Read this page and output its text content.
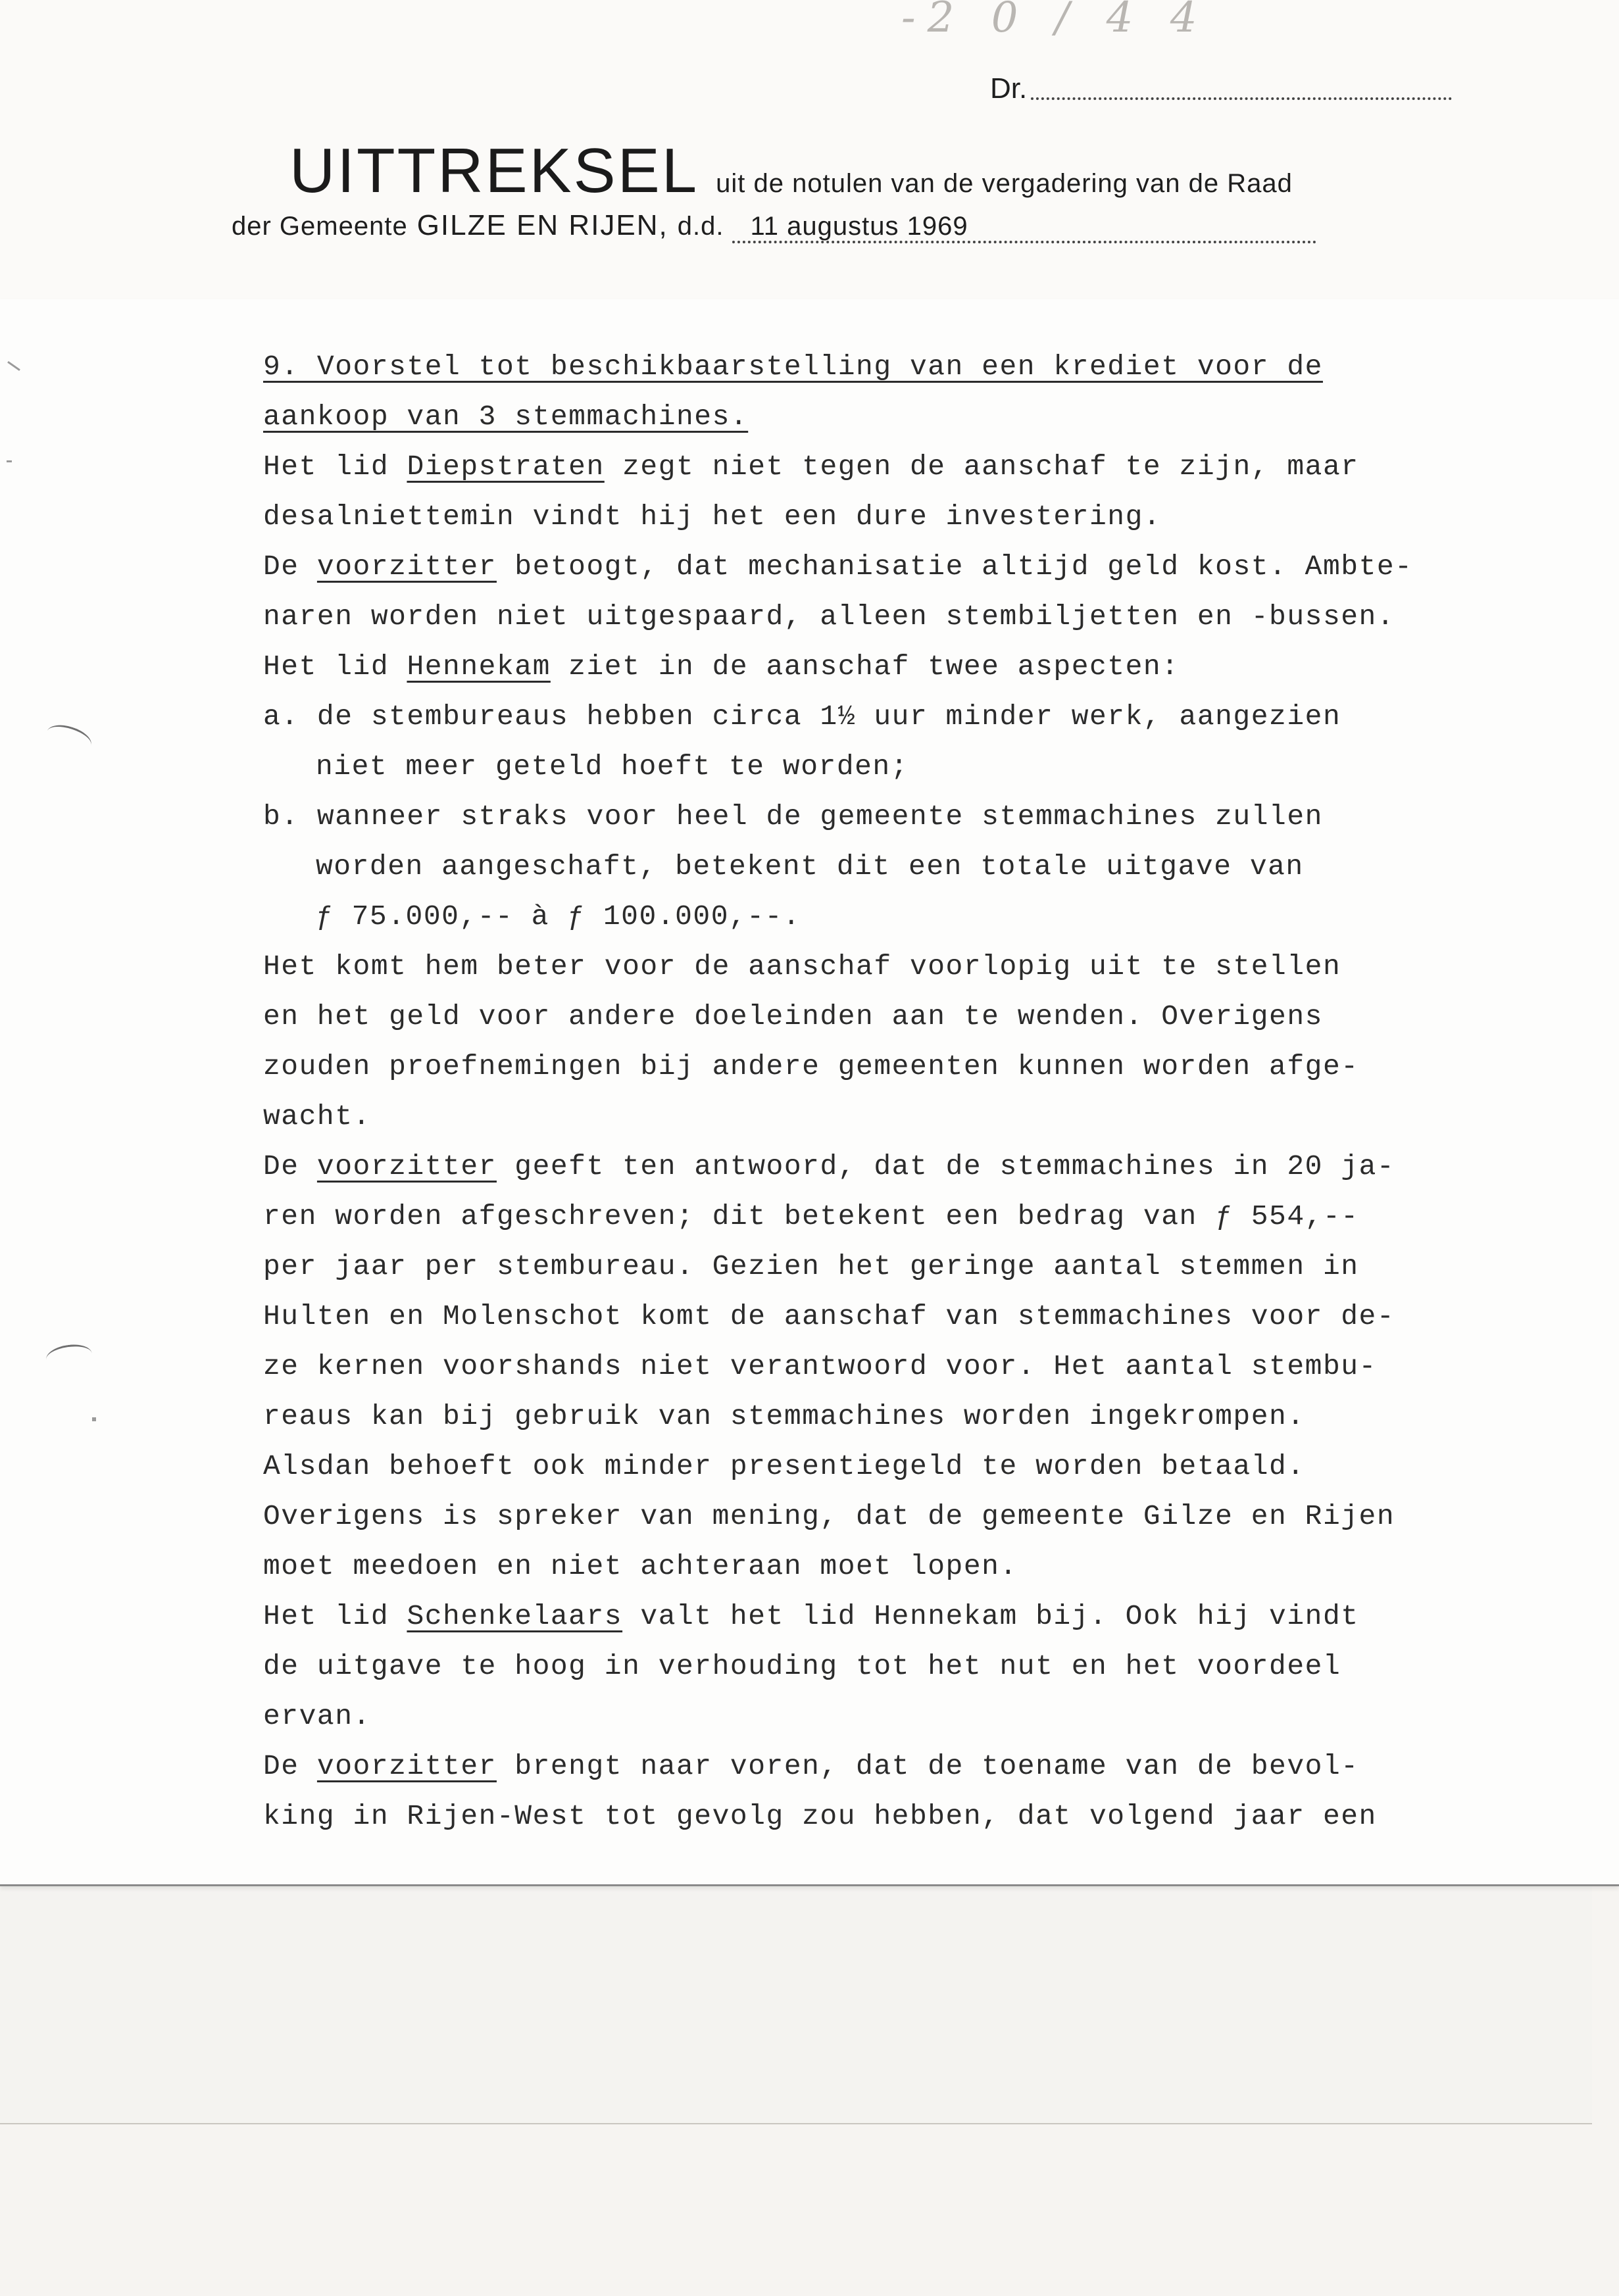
-2 0 / 4 4
Dr.
UITTREKSEL uit de notulen van de vergadering van de Raad
der Gemeente GILZE EN RIJEN, d.d.	11 augustus 1969
9. Voorstel tot beschikbaarstelling van een krediet voor de
aankoop van 3 stemmachines.
Het lid Diepstraten zegt niet tegen de aanschaf te zijn, maar
desalniettemin vindt hij het een dure investering.
De voorzitter betoogt, dat mechanisatie altijd geld kost. Ambte-
naren worden niet uitgespaard, alleen stembiljetten en -bussen.
Het lid Hennekam ziet in de aanschaf twee aspecten:
a. de stembureaus hebben circa 1½ uur minder werk, aangezien
niet meer geteld hoeft te worden;
b. wanneer straks voor heel de gemeente stemmachines zullen
worden aangeschaft, betekent dit een totale uitgave van
ƒ 75.000,-- à ƒ 100.000,--.
Het komt hem beter voor de aanschaf voorlopig uit te stellen
en het geld voor andere doeleinden aan te wenden. Overigens
zouden proefnemingen bij andere gemeenten kunnen worden afge-
wacht.
De voorzitter geeft ten antwoord, dat de stemmachines in 20 ja-
ren worden afgeschreven; dit betekent een bedrag van ƒ 554,--
per jaar per stembureau. Gezien het geringe aantal stemmen in
Hulten en Molenschot komt de aanschaf van stemmachines voor de-
ze kernen voorshands niet verantwoord voor. Het aantal stembu-
reaus kan bij gebruik van stemmachines worden ingekrompen.
Alsdan behoeft ook minder presentiegeld te worden betaald.
Overigens is spreker van mening, dat de gemeente Gilze en Rijen
moet meedoen en niet achteraan moet lopen.
Het lid Schenkelaars valt het lid Hennekam bij. Ook hij vindt
de uitgave te hoog in verhouding tot het nut en het voordeel
ervan.
De voorzitter brengt naar voren, dat de toename van de bevol-
king in Rijen-West tot gevolg zou hebben, dat volgend jaar een
